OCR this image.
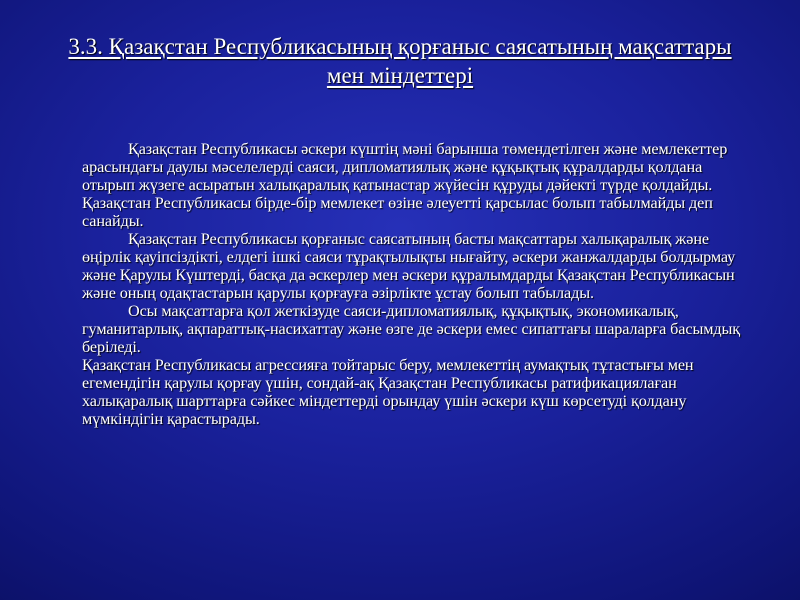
3.3. Қазақстан Республикасының қорғаныс саясатының мақсаттары мен міндеттері

Қазақстан Республикасы әскери күштің мәні барынша төмендетілген және мемлекеттер арасындағы даулы мәселелерді саяси, дипломатиялық және құқықтық құралдарды қолдана отырып жүзеге асыратын халықаралық қатынастар жүйесін құруды дәйекті түрде қолдайды.

Қазақстан Республикасы бірде-бір мемлекет өзіне әлеуетті қарсылас болып табылмайды деп санайды.

Қазақстан Республикасы қорғаныс саясатының басты мақсаттары халықаралық және өңірлік қауіпсіздікті, елдегі ішкі саяси тұрақтылықты нығайту, әскери жанжалдарды болдырмау және Қарулы Күштерді, басқа да әскерлер мен әскери құралымдарды Қазақстан Республикасын және оның одақтастарын қарулы қорғауға әзірлікте ұстау болып табылады.

Осы мақсаттарға қол жеткізуде саяси-дипломатиялық, құқықтық, экономикалық, гуманитарлық, ақпараттық-насихаттау және өзге де әскери емес сипаттағы шараларға басымдық беріледі.

Қазақстан Республикасы агрессияға тойтарыс беру, мемлекеттің аумақтық тұтастығы мен егемендігін қарулы қорғау үшін, сондай-ақ Қазақстан Республикасы ратификациялаған халықаралық шарттарға сәйкес міндеттерді орындау үшін әскери күш көрсетуді қолдану мүмкіндігін қарастырады.
